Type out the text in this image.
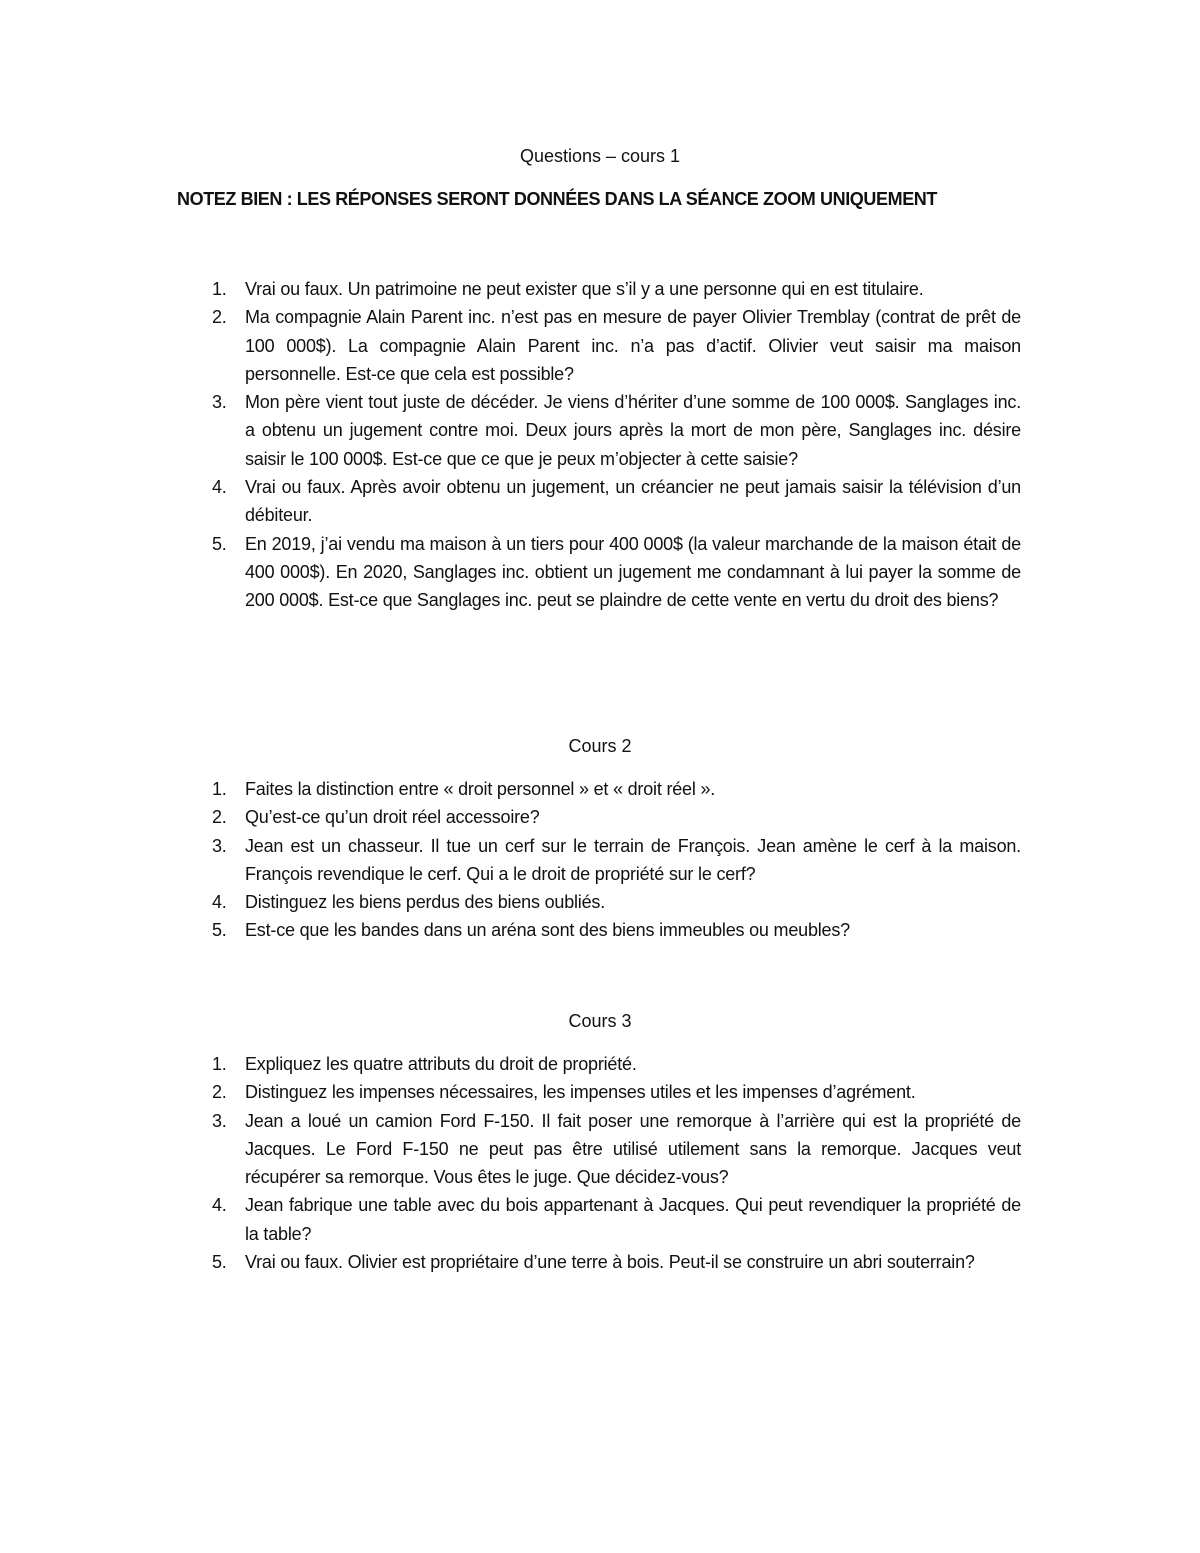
Questions – cours 1
NOTEZ BIEN : LES RÉPONSES SERONT DONNÉES DANS LA SÉANCE ZOOM UNIQUEMENT
1. Vrai ou faux. Un patrimoine ne peut exister que s’il y a une personne qui en est titulaire.
2. Ma compagnie Alain Parent inc. n’est pas en mesure de payer Olivier Tremblay (contrat de prêt de 100 000$). La compagnie Alain Parent inc. n’a pas d’actif. Olivier veut saisir ma maison personnelle. Est-ce que cela est possible?
3. Mon père vient tout juste de décéder. Je viens d’hériter d’une somme de 100 000$. Sanglages inc. a obtenu un jugement contre moi. Deux jours après la mort de mon père, Sanglages inc. désire saisir le 100 000$. Est-ce que ce que je peux m’objecter à cette saisie?
4. Vrai ou faux. Après avoir obtenu un jugement, un créancier ne peut jamais saisir la télévision d’un débiteur.
5. En 2019, j’ai vendu ma maison à un tiers pour 400 000$ (la valeur marchande de la maison était de 400 000$). En 2020, Sanglages inc. obtient un jugement me condamnant à lui payer la somme de 200 000$. Est-ce que Sanglages inc. peut se plaindre de cette vente en vertu du droit des biens?
Cours 2
1. Faites la distinction entre « droit personnel » et « droit réel ».
2. Qu’est-ce qu’un droit réel accessoire?
3. Jean est un chasseur. Il tue un cerf sur le terrain de François. Jean amène le cerf à la maison. François revendique le cerf. Qui a le droit de propriété sur le cerf?
4. Distinguez les biens perdus des biens oubliés.
5. Est-ce que les bandes dans un aréna sont des biens immeubles ou meubles?
Cours 3
1. Expliquez les quatre attributs du droit de propriété.
2. Distinguez les impenses nécessaires, les impenses utiles et les impenses d’agrément.
3. Jean a loué un camion Ford F-150. Il fait poser une remorque à l’arrière qui est la propriété de Jacques. Le Ford F-150 ne peut pas être utilisé utilement sans la remorque. Jacques veut récupérer sa remorque. Vous êtes le juge. Que décidez-vous?
4. Jean fabrique une table avec du bois appartenant à Jacques. Qui peut revendiquer la propriété de la table?
5. Vrai ou faux. Olivier est propriétaire d’une terre à bois. Peut-il se construire un abri souterrain?
